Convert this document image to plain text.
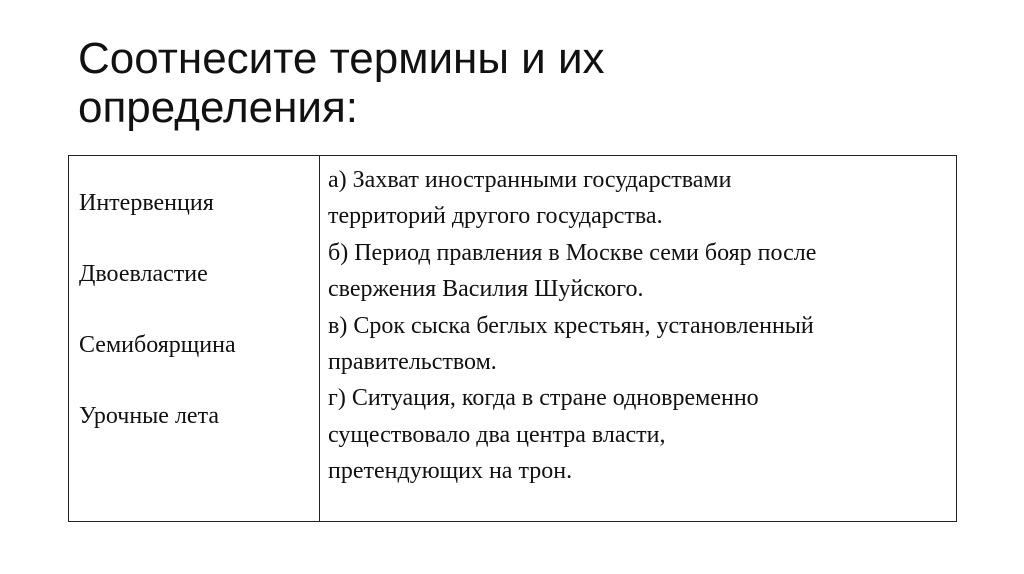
Соотнесите термины и их
определения:
Интервенция
Двоевластие
Семибоярщина
Урочные лета
а) Захват иностранными государствами
территорий другого государства.
б) Период правления в Москве семи бояр после
свержения Василия Шуйского.
в) Срок сыска беглых крестьян, установленный
правительством.
г) Ситуация, когда в стране одновременно
существовало два центра власти,
претендующих на трон.
